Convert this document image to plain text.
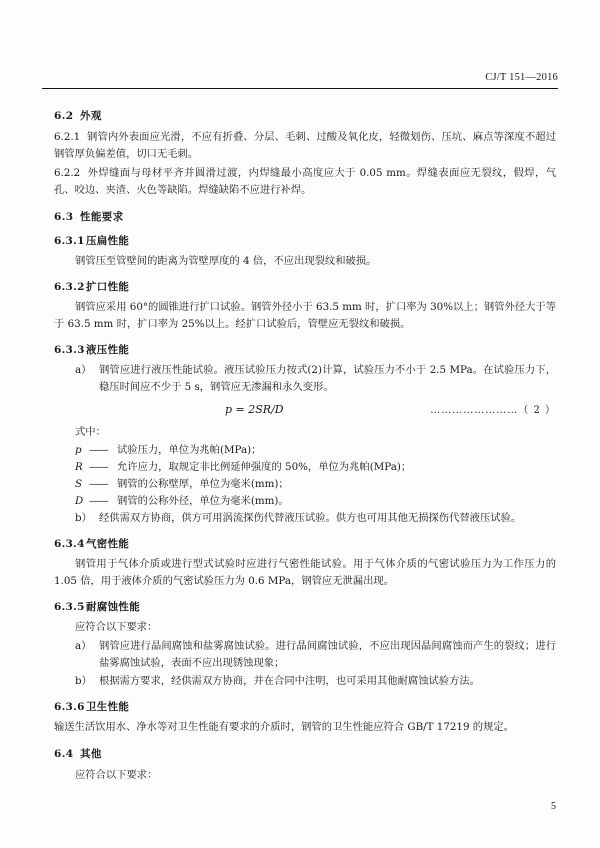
CJ/T 151—2016
6.2 外观

6.2.1 钢管内外表面应光滑，不应有折叠、分层、毛刺、过酸及氧化皮，轻微划伤、压坑、麻点等深度不超过钢管厚负偏差值，切口无毛刺。

6.2.2 外焊缝面与母材平齐并圆滑过渡，内焊缝最小高度应大于 0.05 mm。焊缝表面应无裂纹，假焊，气孔、咬边、夹渣、火色等缺陷。焊缝缺陷不应进行补焊。

6.3 性能要求
6.3.1压扁性能

钢管压至管壁间的距离为管壁厚度的 4 倍，不应出现裂纹和破损。

6.3.2扩口性能

钢管应采用 60°的圆锥进行扩口试验。钢管外径小于 63.5 mm 时，扩口率为 30%以上；钢管外径大于等于 63.5 mm 时，扩口率为 25%以上。经扩口试验后，管壁应无裂纹和破损。

6.3.3液压性能
a） 钢管应进行液压性能试验。液压试验压力按式(2)计算，试验压力不小于 2.5 MPa。在试验压力下，稳压时间应不少于 5 s，钢管应无渗漏和永久变形。
p = 2SR/D	……………………（ 2 ）
式中：
p —— 试验压力，单位为兆帕(MPa)；
R —— 允许应力，取规定非比例延伸强度的 50%，单位为兆帕(MPa)；
S —— 钢管的公称壁厚，单位为毫米(mm)；
D —— 钢管的公称外径，单位为毫米(mm)。
b） 经供需双方协商，供方可用涡流探伤代替液压试验。供方也可用其他无损探伤代替液压试验。
6.3.4气密性能

钢管用于气体介质或进行型式试验时应进行气密性能试验。用于气体介质的气密试验压力为工作压力的 1.05 倍，用于液体介质的气密试验压力为 0.6 MPa，钢管应无泄漏出现。

6.3.5耐腐蚀性能

应符合以下要求：

a） 钢管应进行晶间腐蚀和盐雾腐蚀试验。进行晶间腐蚀试验，不应出现因晶间腐蚀而产生的裂纹；进行盐雾腐蚀试验，表面不应出现锈蚀现象；
b） 根据需方要求，经供需双方协商，并在合同中注明，也可采用其他耐腐蚀试验方法。
6.3.6卫生性能

输送生活饮用水、净水等对卫生性能有要求的介质时，钢管的卫生性能应符合 GB/T 17219 的规定。

6.4 其他

应符合以下要求：

5
